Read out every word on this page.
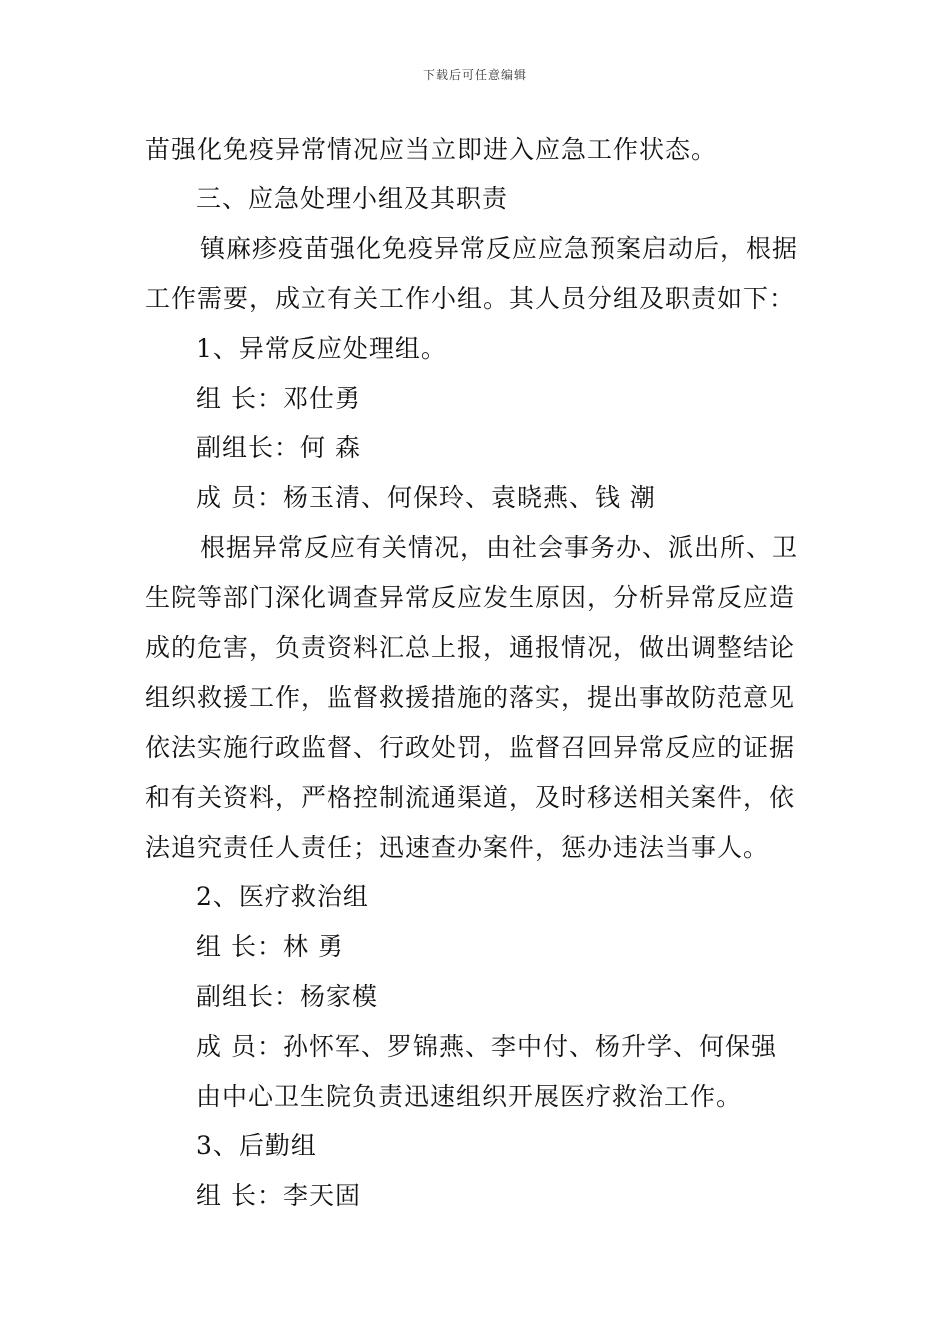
下载后可任意编辑
苗强化免疫异常情况应当立即进入应急工作状态。
三、应急处理小组及其职责
镇麻疹疫苗强化免疫异常反应应急预案启动后，根据
工作需要，成立有关工作小组。其人员分组及职责如下：
1、异常反应处理组。
组 长：邓仕勇
副组长：何 森
成 员：杨玉清、何保玲、袁晓燕、钱 潮
根据异常反应有关情况，由社会事务办、派出所、卫
生院等部门深化调查异常反应发生原因，分析异常反应造
成的危害，负责资料汇总上报，通报情况，做出调整结论
组织救援工作，监督救援措施的落实，提出事故防范意见
依法实施行政监督、行政处罚，监督召回异常反应的证据
和有关资料，严格控制流通渠道，及时移送相关案件，依
法追究责任人责任；迅速查办案件，惩办违法当事人。
2、医疗救治组
组 长：林 勇
副组长：杨家模
成 员：孙怀军、罗锦燕、李中付、杨升学、何保强
由中心卫生院负责迅速组织开展医疗救治工作。
3、后勤组
组 长：李天固
